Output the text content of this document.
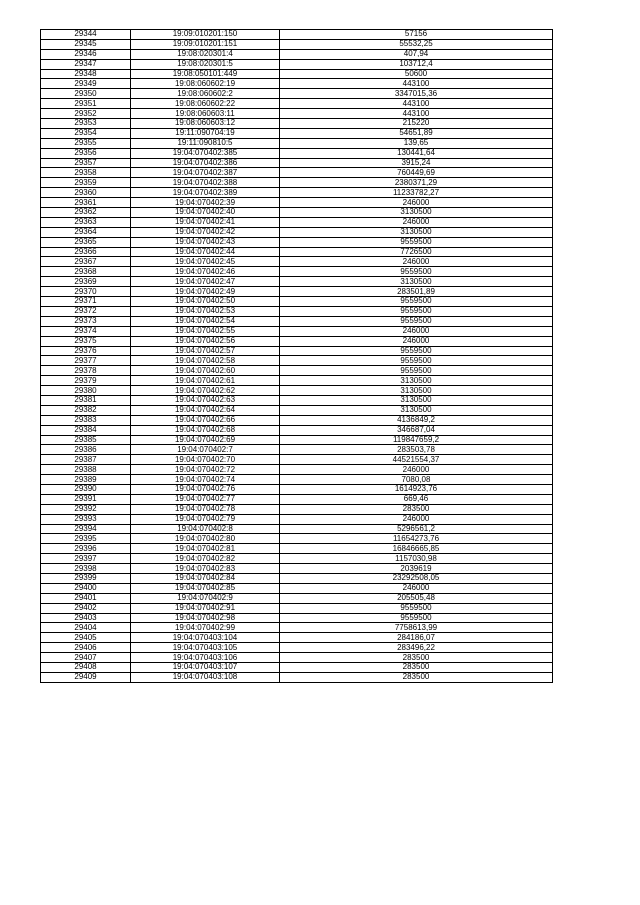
29344	19:09:010201:150	57156
29345	19:09:010201:151	55532,25
29346	19:08:020301:4	407,94
29347	19:08:020301:5	103712,4
29348	19:08:050101:449	50600
29349	19:08:060602:19	443100
29350	19:08:060602:2	3347015,36
29351	19:08:060602:22	443100
29352	19:08:060603:11	443100
29353	19:08:060603:12	215220
29354	19:11:090704:19	54651,89
29355	19:11:090810:5	139,65
29356	19:04:070402:385	130441,64
29357	19:04:070402:386	3915,24
29358	19:04:070402:387	760449,69
29359	19:04:070402:388	2380371,29
29360	19:04:070402:389	11233782,27
29361	19:04:070402:39	246000
29362	19:04:070402:40	3130500
29363	19:04:070402:41	246000
29364	19:04:070402:42	3130500
29365	19:04:070402:43	9559500
29366	19:04:070402:44	7726500
29367	19:04:070402:45	246000
29368	19:04:070402:46	9559500
29369	19:04:070402:47	3130500
29370	19:04:070402:49	283501,89
29371	19:04:070402:50	9559500
29372	19:04:070402:53	9559500
29373	19:04:070402:54	9559500
29374	19:04:070402:55	246000
29375	19:04:070402:56	246000
29376	19:04:070402:57	9559500
29377	19:04:070402:58	9559500
29378	19:04:070402:60	9559500
29379	19:04:070402:61	3130500
29380	19:04:070402:62	3130500
29381	19:04:070402:63	3130500
29382	19:04:070402:64	3130500
29383	19:04:070402:66	4136849,2
29384	19:04:070402:68	346687,04
29385	19:04:070402:69	119847659,2
29386	19:04:070402:7	283503,78
29387	19:04:070402:70	44521554,37
29388	19:04:070402:72	246000
29389	19:04:070402:74	7080,08
29390	19:04:070402:76	1614923,76
29391	19:04:070402:77	669,46
29392	19:04:070402:78	283500
29393	19:04:070402:79	246000
29394	19:04:070402:8	5296561,2
29395	19:04:070402:80	11654273,76
29396	19:04:070402:81	16846665,85
29397	19:04:070402:82	1157030,98
29398	19:04:070402:83	2039619
29399	19:04:070402:84	23292508,05
29400	19:04:070402:85	246000
29401	19:04:070402:9	205505,48
29402	19:04:070402:91	9559500
29403	19:04:070402:98	9559500
29404	19:04:070402:99	7758613,99
29405	19:04:070403:104	284186,07
29406	19:04:070403:105	283496,22
29407	19:04:070403:106	283500
29408	19:04:070403:107	283500
29409	19:04:070403:108	283500
